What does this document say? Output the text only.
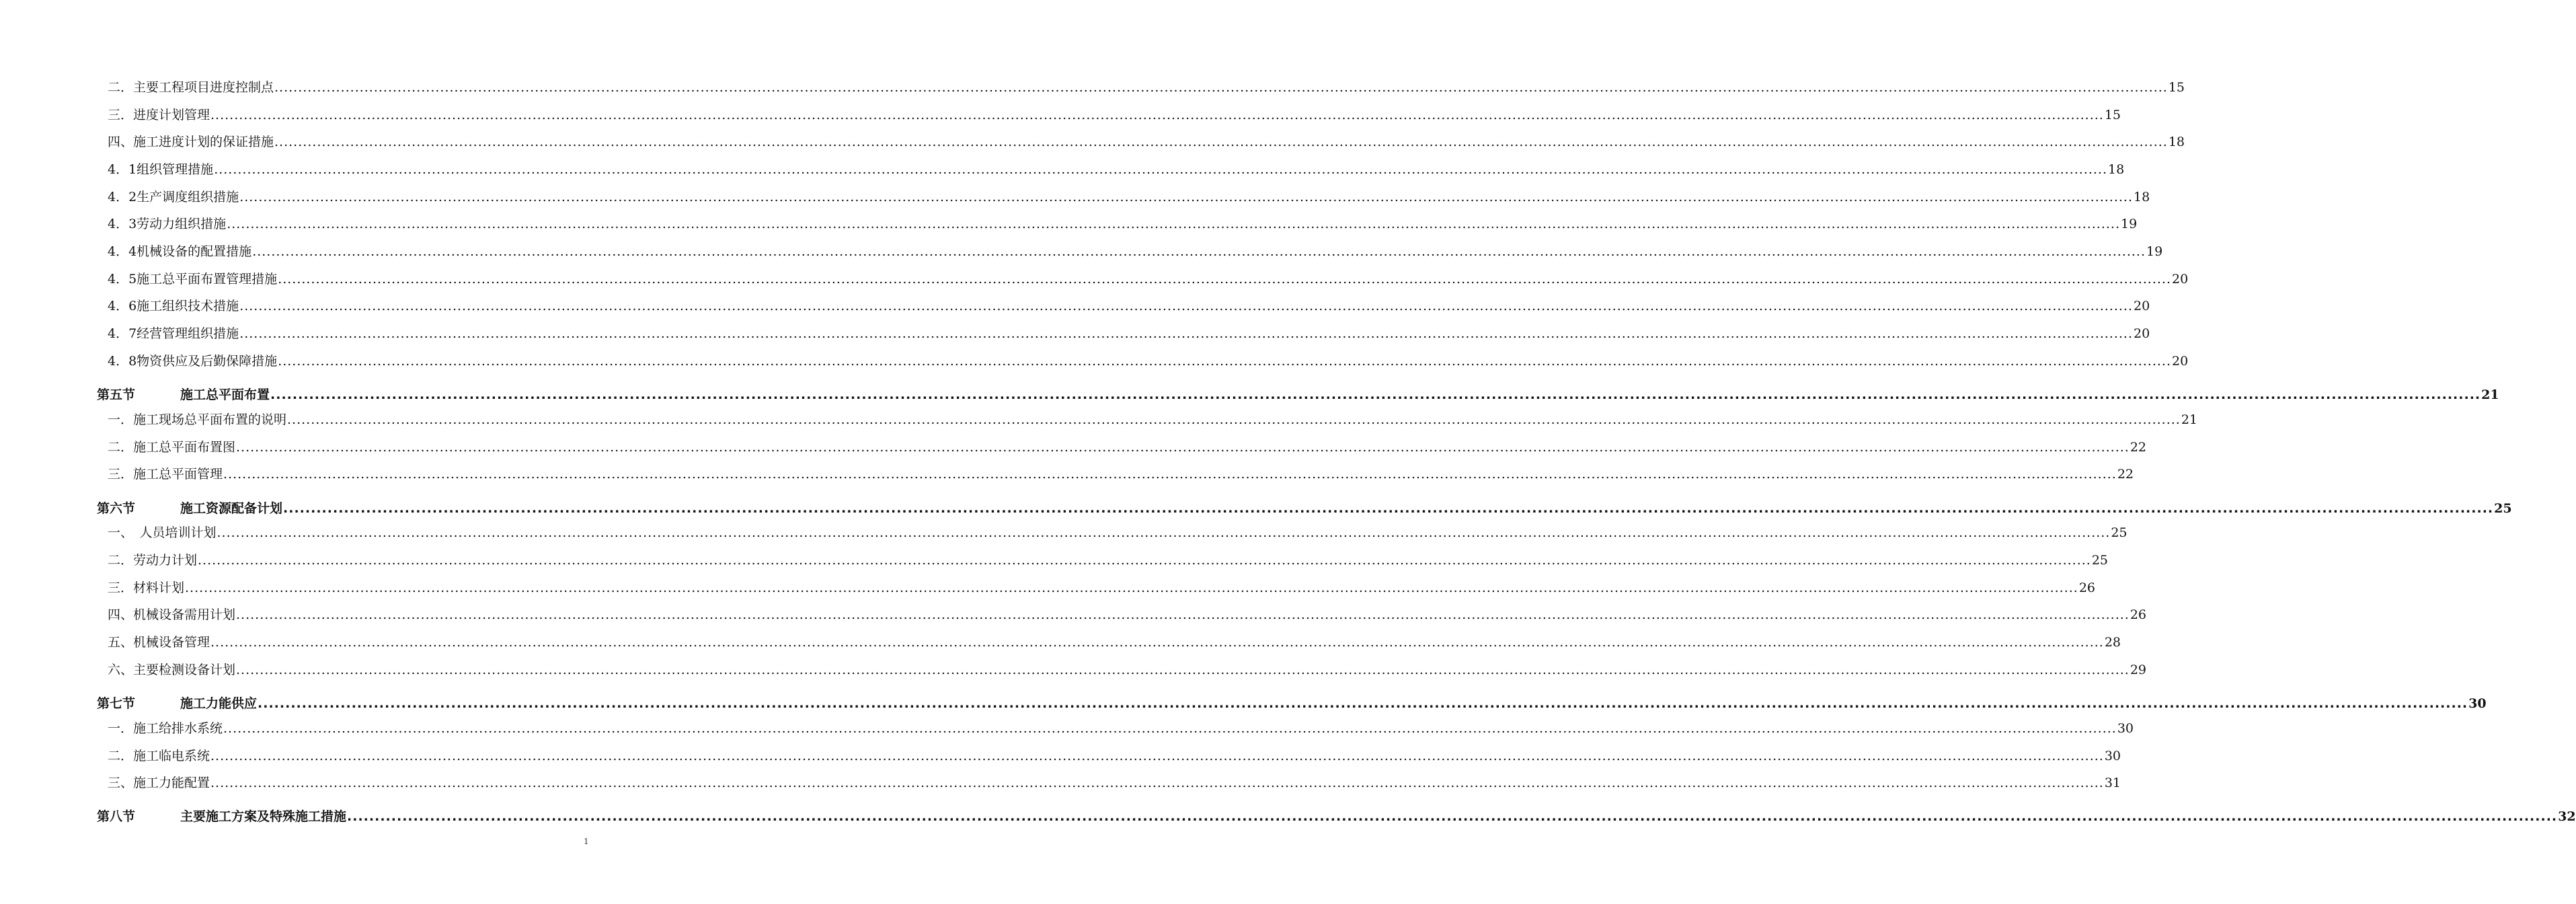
二．主要工程项目进度控制点 ................................................................................................................................................................................................................................................................................................................................................................................................................ 15
三．进度计划管理 ................................................................................................................................................................................................................................................................................................................................................................................................................ 15
四、施工进度计划的保证措施 ................................................................................................................................................................................................................................................................................................................................................................................................................ 18
4．1组织管理措施 ................................................................................................................................................................................................................................................................................................................................................................................................................ 18
4．2生产调度组织措施 ................................................................................................................................................................................................................................................................................................................................................................................................................ 18
4．3劳动力组织措施 ................................................................................................................................................................................................................................................................................................................................................................................................................ 19
4．4机械设备的配置措施 ................................................................................................................................................................................................................................................................................................................................................................................................................ 19
4．5施工总平面布置管理措施 ................................................................................................................................................................................................................................................................................................................................................................................................................ 20
4．6施工组织技术措施 ................................................................................................................................................................................................................................................................................................................................................................................................................ 20
4．7经营管理组织措施 ................................................................................................................................................................................................................................................................................................................................................................................................................ 20
4．8物资供应及后勤保障措施 ................................................................................................................................................................................................................................................................................................................................................................................................................ 20
第五节	施工总平面布置 ................................................................................................................................................................................................................................................................................................................................................................................................................ 21
一．施工现场总平面布置的说明 ................................................................................................................................................................................................................................................................................................................................................................................................................ 21
二．施工总平面布置图 ................................................................................................................................................................................................................................................................................................................................................................................................................ 22
三．施工总平面管理 ................................................................................................................................................................................................................................................................................................................................................................................................................ 22
第六节	施工资源配备计划 ................................................................................................................................................................................................................................................................................................................................................................................................................ 25
一、　人员培训计划 ................................................................................................................................................................................................................................................................................................................................................................................................................ 25
二．劳动力计划 ................................................................................................................................................................................................................................................................................................................................................................................................................ 25
三．材料计划 ................................................................................................................................................................................................................................................................................................................................................................................................................ 26
四、机械设备需用计划 ................................................................................................................................................................................................................................................................................................................................................................................................................ 26
五、机械设备管理 ................................................................................................................................................................................................................................................................................................................................................................................................................ 28
六、主要检测设备计划 ................................................................................................................................................................................................................................................................................................................................................................................................................ 29
第七节	施工力能供应 ................................................................................................................................................................................................................................................................................................................................................................................................................ 30
一．施工给排水系统 ................................................................................................................................................................................................................................................................................................................................................................................................................ 30
二．施工临电系统 ................................................................................................................................................................................................................................................................................................................................................................................................................ 30
三、施工力能配置 ................................................................................................................................................................................................................................................................................................................................................................................................................ 31
第八节	主要施工方案及特殊施工措施 ................................................................................................................................................................................................................................................................................................................................................................................................................ 32
1
